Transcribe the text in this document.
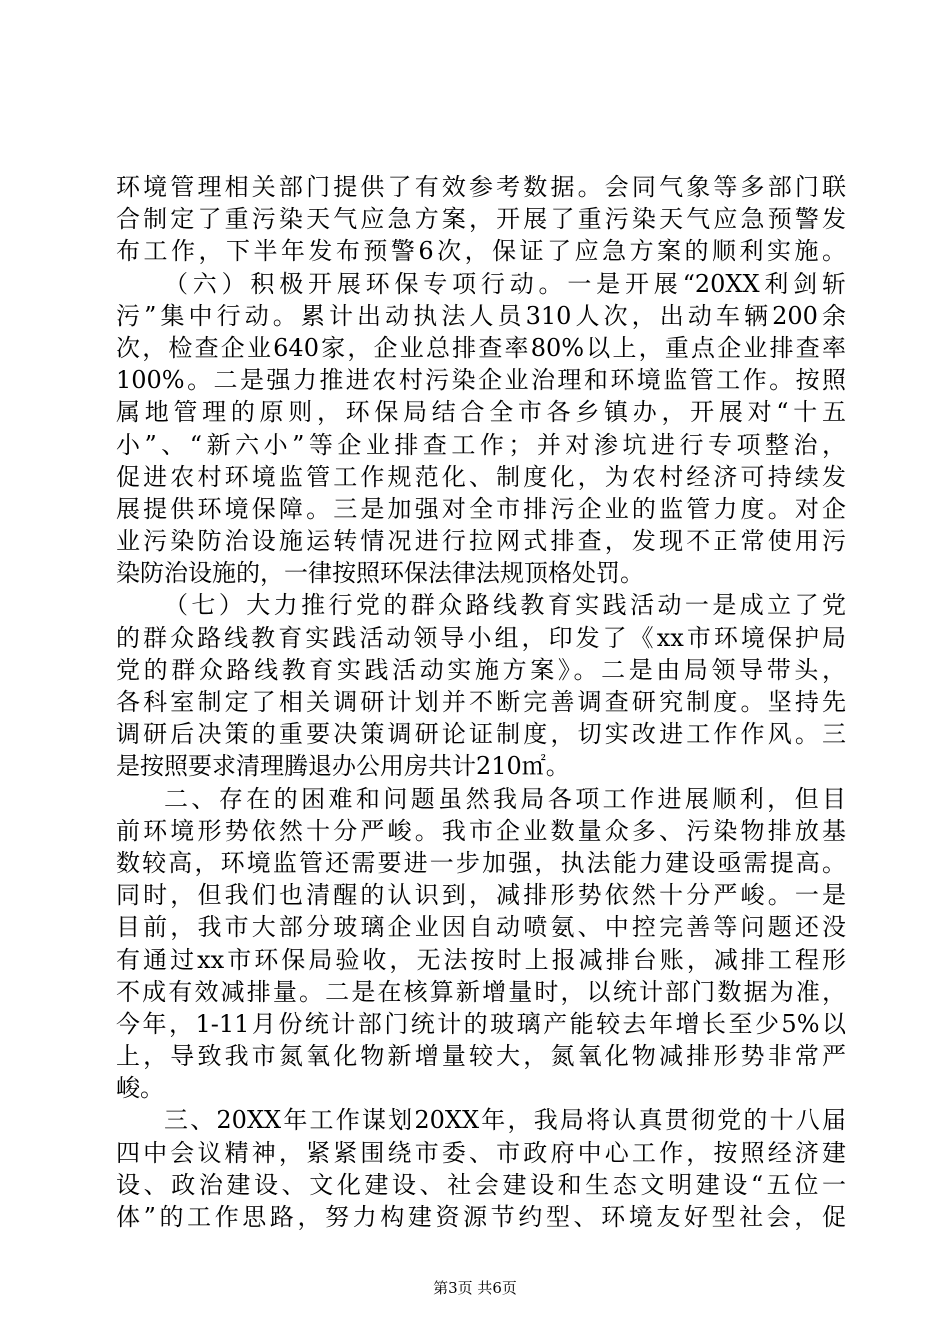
环境管理相关部门提供了有效参考数据。会同气象等多部门联
合制定了重污染天气应急方案，开展了重污染天气应急预警发
布工作，下半年发布预警6次，保证了应急方案的顺利实施。
（六）积极开展环保专项行动。一是开展“20XX利剑斩
污”集中行动。累计出动执法人员310人次，出动车辆200余
次，检查企业640家，企业总排查率80%以上，重点企业排查率
100%。二是强力推进农村污染企业治理和环境监管工作。按照
属地管理的原则，环保局结合全市各乡镇办，开展对“十五
小”、“新六小”等企业排查工作；并对渗坑进行专项整治，
促进农村环境监管工作规范化、制度化，为农村经济可持续发
展提供环境保障。三是加强对全市排污企业的监管力度。对企
业污染防治设施运转情况进行拉网式排查，发现不正常使用污
染防治设施的，一律按照环保法律法规顶格处罚。
（七）大力推行党的群众路线教育实践活动一是成立了党
的群众路线教育实践活动领导小组，印发了《xx市环境保护局
党的群众路线教育实践活动实施方案》。二是由局领导带头，
各科室制定了相关调研计划并不断完善调查研究制度。坚持先
调研后决策的重要决策调研论证制度，切实改进工作作风。三
是按照要求清理腾退办公用房共计210㎡。
二、存在的困难和问题虽然我局各项工作进展顺利，但目
前环境形势依然十分严峻。我市企业数量众多、污染物排放基
数较高，环境监管还需要进一步加强，执法能力建设亟需提高。
同时，但我们也清醒的认识到，减排形势依然十分严峻。一是
目前，我市大部分玻璃企业因自动喷氨、中控完善等问题还没
有通过xx市环保局验收，无法按时上报减排台账，减排工程形
不成有效减排量。二是在核算新增量时，以统计部门数据为准，
今年，1-11月份统计部门统计的玻璃产能较去年增长至少5%以
上，导致我市氮氧化物新增量较大，氮氧化物减排形势非常严
峻。
三、20XX年工作谋划20XX年，我局将认真贯彻党的十八届
四中会议精神，紧紧围绕市委、市政府中心工作，按照经济建
设、政治建设、文化建设、社会建设和生态文明建设“五位一
体”的工作思路，努力构建资源节约型、环境友好型社会，促
第3页 共6页
